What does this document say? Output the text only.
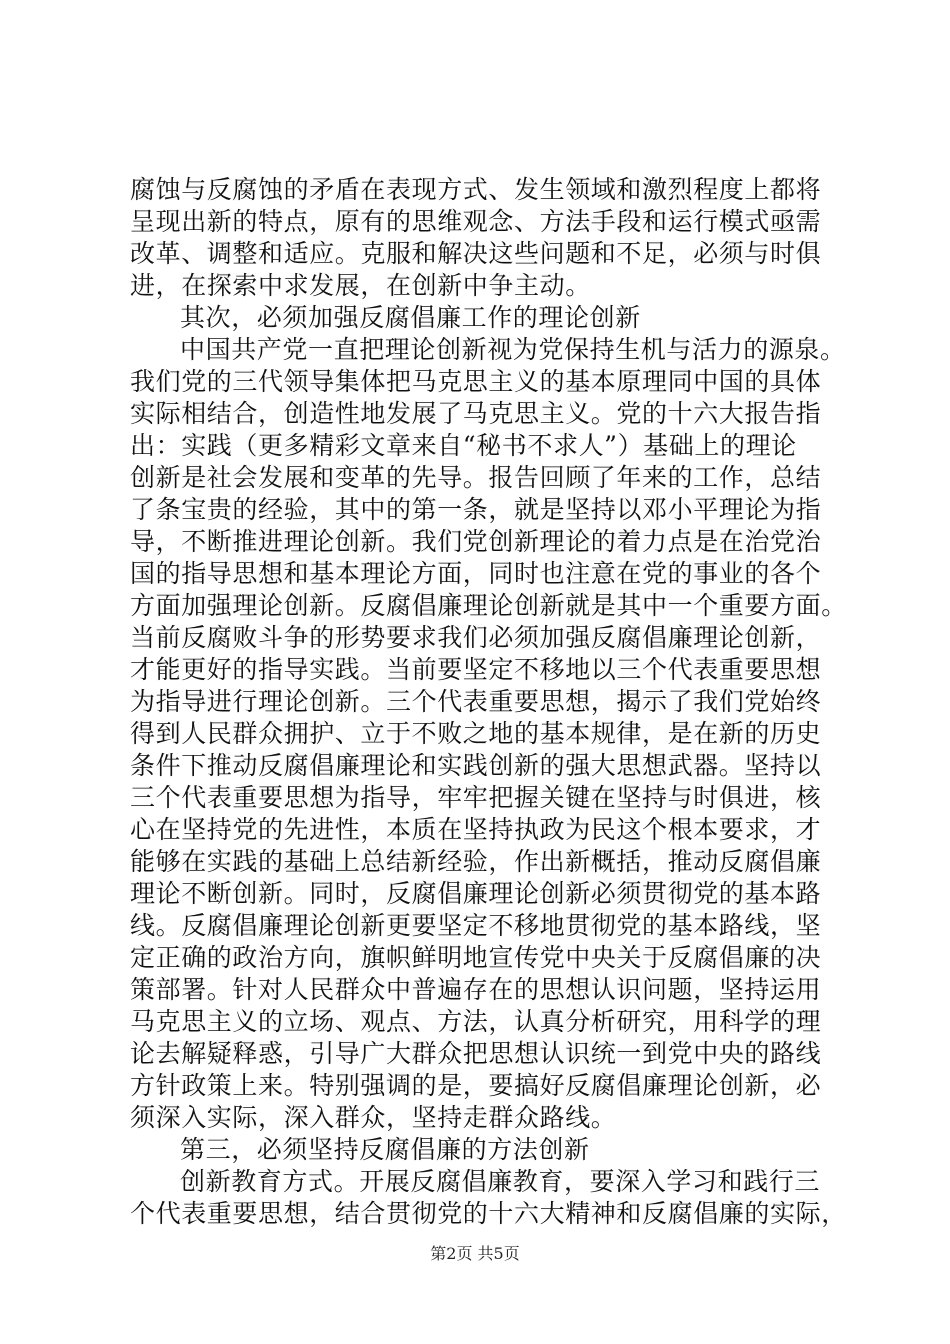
腐蚀与反腐蚀的矛盾在表现方式、发生领域和激烈程度上都将
呈现出新的特点，原有的思维观念、方法手段和运行模式亟需
改革、调整和适应。克服和解决这些问题和不足，必须与时俱
进，在探索中求发展，在创新中争主动。
其次，必须加强反腐倡廉工作的理论创新
中国共产党一直把理论创新视为党保持生机与活力的源泉。
我们党的三代领导集体把马克思主义的基本原理同中国的具体
实际相结合，创造性地发展了马克思主义。党的十六大报告指
出：实践（更多精彩文章来自“秘书不求人”）基础上的理论
创新是社会发展和变革的先导。报告回顾了年来的工作，总结
了条宝贵的经验，其中的第一条，就是坚持以邓小平理论为指
导，不断推进理论创新。我们党创新理论的着力点是在治党治
国的指导思想和基本理论方面，同时也注意在党的事业的各个
方面加强理论创新。反腐倡廉理论创新就是其中一个重要方面。
当前反腐败斗争的形势要求我们必须加强反腐倡廉理论创新，
才能更好的指导实践。当前要坚定不移地以三个代表重要思想
为指导进行理论创新。三个代表重要思想，揭示了我们党始终
得到人民群众拥护、立于不败之地的基本规律，是在新的历史
条件下推动反腐倡廉理论和实践创新的强大思想武器。坚持以
三个代表重要思想为指导，牢牢把握关键在坚持与时俱进，核
心在坚持党的先进性，本质在坚持执政为民这个根本要求，才
能够在实践的基础上总结新经验，作出新概括，推动反腐倡廉
理论不断创新。同时，反腐倡廉理论创新必须贯彻党的基本路
线。反腐倡廉理论创新更要坚定不移地贯彻党的基本路线，坚
定正确的政治方向，旗帜鲜明地宣传党中央关于反腐倡廉的决
策部署。针对人民群众中普遍存在的思想认识问题，坚持运用
马克思主义的立场、观点、方法，认真分析研究，用科学的理
论去解疑释惑，引导广大群众把思想认识统一到党中央的路线
方针政策上来。特别强调的是，要搞好反腐倡廉理论创新，必
须深入实际，深入群众，坚持走群众路线。
第三，必须坚持反腐倡廉的方法创新
创新教育方式。开展反腐倡廉教育，要深入学习和践行三
个代表重要思想，结合贯彻党的十六大精神和反腐倡廉的实际，
第2页 共5页
